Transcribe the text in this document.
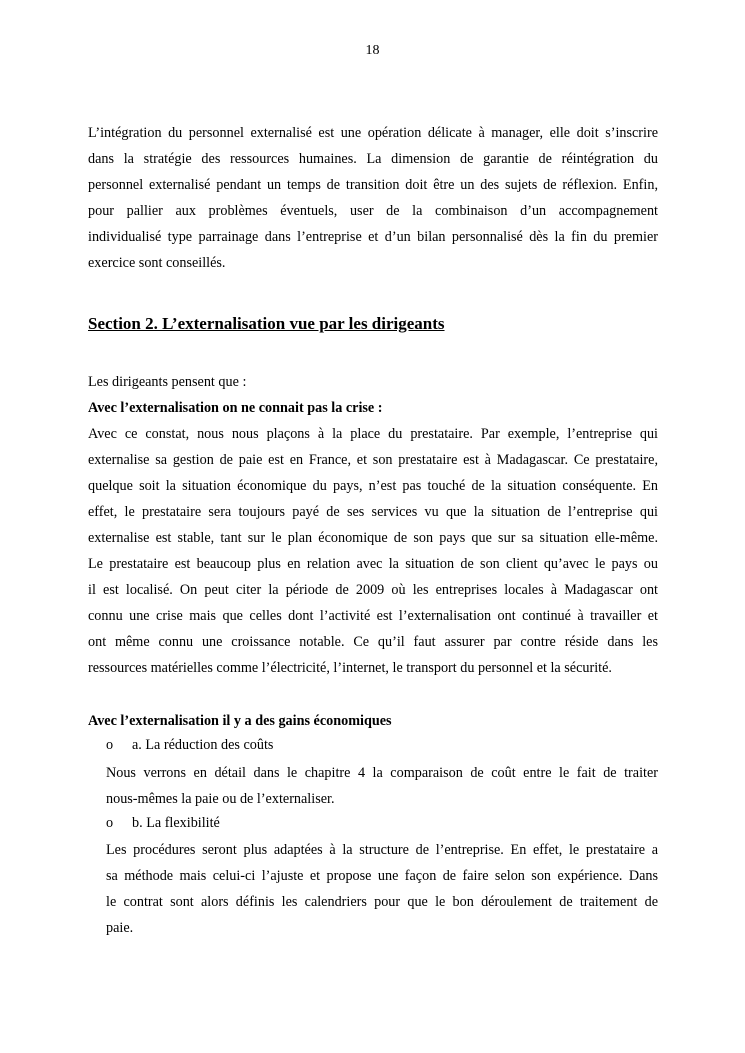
18
L’intégration du personnel externalisé est une opération délicate à manager, elle doit s’inscrire
dans la stratégie des ressources humaines. La dimension de garantie de réintégration du
personnel externalisé pendant un temps de transition doit être un des sujets de réflexion. Enfin,
pour pallier aux problèmes éventuels, user de la combinaison d’un accompagnement
individualisé type parrainage dans l’entreprise et d’un bilan personnalisé dès la fin du premier
exercice sont conseillés.
Section 2. L’externalisation vue par les dirigeants
Les dirigeants pensent que :
Avec l’externalisation on ne connait pas la crise :
Avec ce constat, nous nous plaçons à la place du prestataire. Par exemple, l’entreprise qui
externalise sa gestion de paie est en France, et son prestataire est à Madagascar. Ce prestataire,
quelque soit la situation économique du pays, n’est pas touché de la situation conséquente. En
effet, le prestataire sera toujours payé de ses services vu que la situation de l’entreprise qui
externalise est stable, tant sur le plan économique de son pays que sur sa situation elle-même.
Le prestataire est beaucoup plus en relation avec la situation de son client qu’avec le pays ou
il est localisé. On peut citer la période de 2009 où les entreprises locales à Madagascar ont
connu une crise mais que celles dont l’activité est l’externalisation ont continué à travailler et
ont même connu une croissance notable. Ce qu’il faut assurer par contre réside dans les
ressources matérielles comme l’électricité, l’internet, le transport du personnel et la sécurité.
Avec l’externalisation il y a des gains économiques
o a. La réduction des coûts
Nous verrons en détail dans le chapitre 4 la comparaison de coût entre le fait de traiter
nous-mêmes la paie ou de l’externaliser.
o b. La flexibilité
Les procédures seront plus adaptées à la structure de l’entreprise. En effet, le prestataire a
sa méthode mais celui-ci l’ajuste et propose une façon de faire selon son expérience. Dans
le contrat sont alors définis les calendriers pour que le bon déroulement de traitement de
paie.
